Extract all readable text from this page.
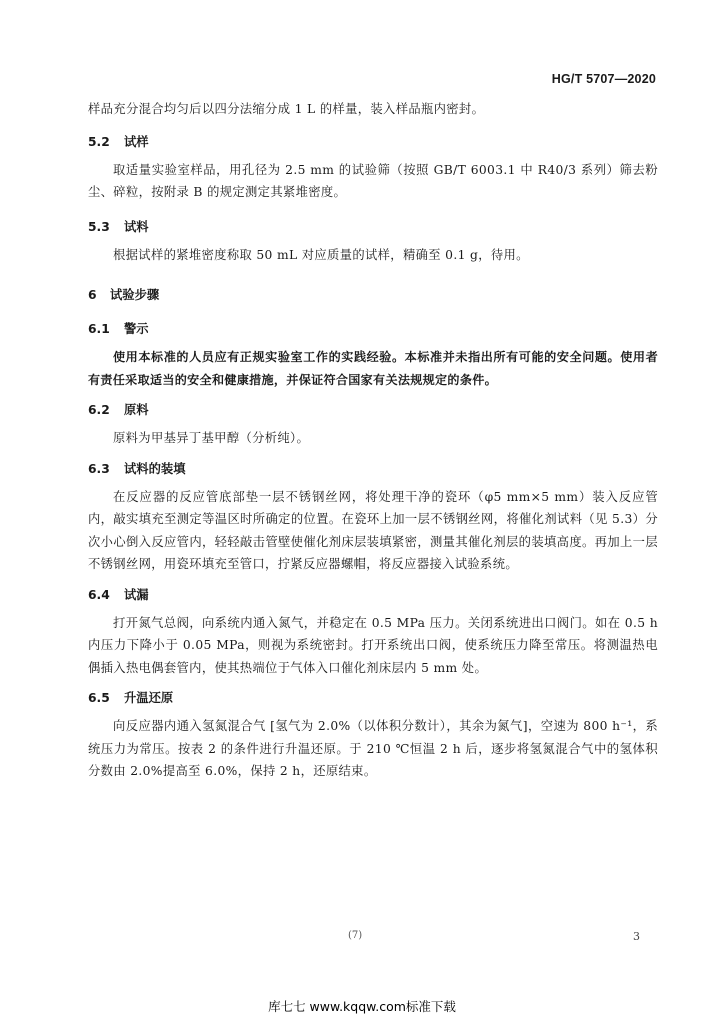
HG/T 5707—2020

样品充分混合均匀后以四分法缩分成 1 L 的样量，装入样品瓶内密封。

5.2 试样

取适量实验室样品，用孔径为 2.5 mm 的试验筛（按照 GB/T 6003.1 中 R40/3 系列）筛去粉尘、碎粒，按附录 B 的规定测定其紧堆密度。

5.3 试料

根据试样的紧堆密度称取 50 mL 对应质量的试样，精确至 0.1 g，待用。

6 试验步骤
6.1 警示

使用本标准的人员应有正规实验室工作的实践经验。本标准并未指出所有可能的安全问题。使用者有责任采取适当的安全和健康措施，并保证符合国家有关法规规定的条件。

6.2 原料

原料为甲基异丁基甲醇（分析纯）。

6.3 试料的装填

在反应器的反应管底部垫一层不锈钢丝网，将处理干净的瓷环（φ5 mm×5 mm）装入反应管内，敲实填充至测定等温区时所确定的位置。在瓷环上加一层不锈钢丝网，将催化剂试料（见 5.3）分次小心倒入反应管内，轻轻敲击管壁使催化剂床层装填紧密，测量其催化剂层的装填高度。再加上一层不锈钢丝网，用瓷环填充至管口，拧紧反应器螺帽，将反应器接入试验系统。

6.4 试漏

打开氮气总阀，向系统内通入氮气，并稳定在 0.5 MPa 压力。关闭系统进出口阀门。如在 0.5 h 内压力下降小于 0.05 MPa，则视为系统密封。打开系统出口阀，使系统压力降至常压。将测温热电偶插入热电偶套管内，使其热端位于气体入口催化剂床层内 5 mm 处。

6.5 升温还原

向反应器内通入氢氮混合气 [氢气为 2.0%（以体积分数计），其余为氮气]，空速为 800 h⁻¹，系统压力为常压。按表 2 的条件进行升温还原。于 210 ℃恒温 2 h 后，逐步将氢氮混合气中的氢体积分数由 2.0%提高至 6.0%，保持 2 h，还原结束。

(7)	3
库七七 www.kqqw.com标准下载
